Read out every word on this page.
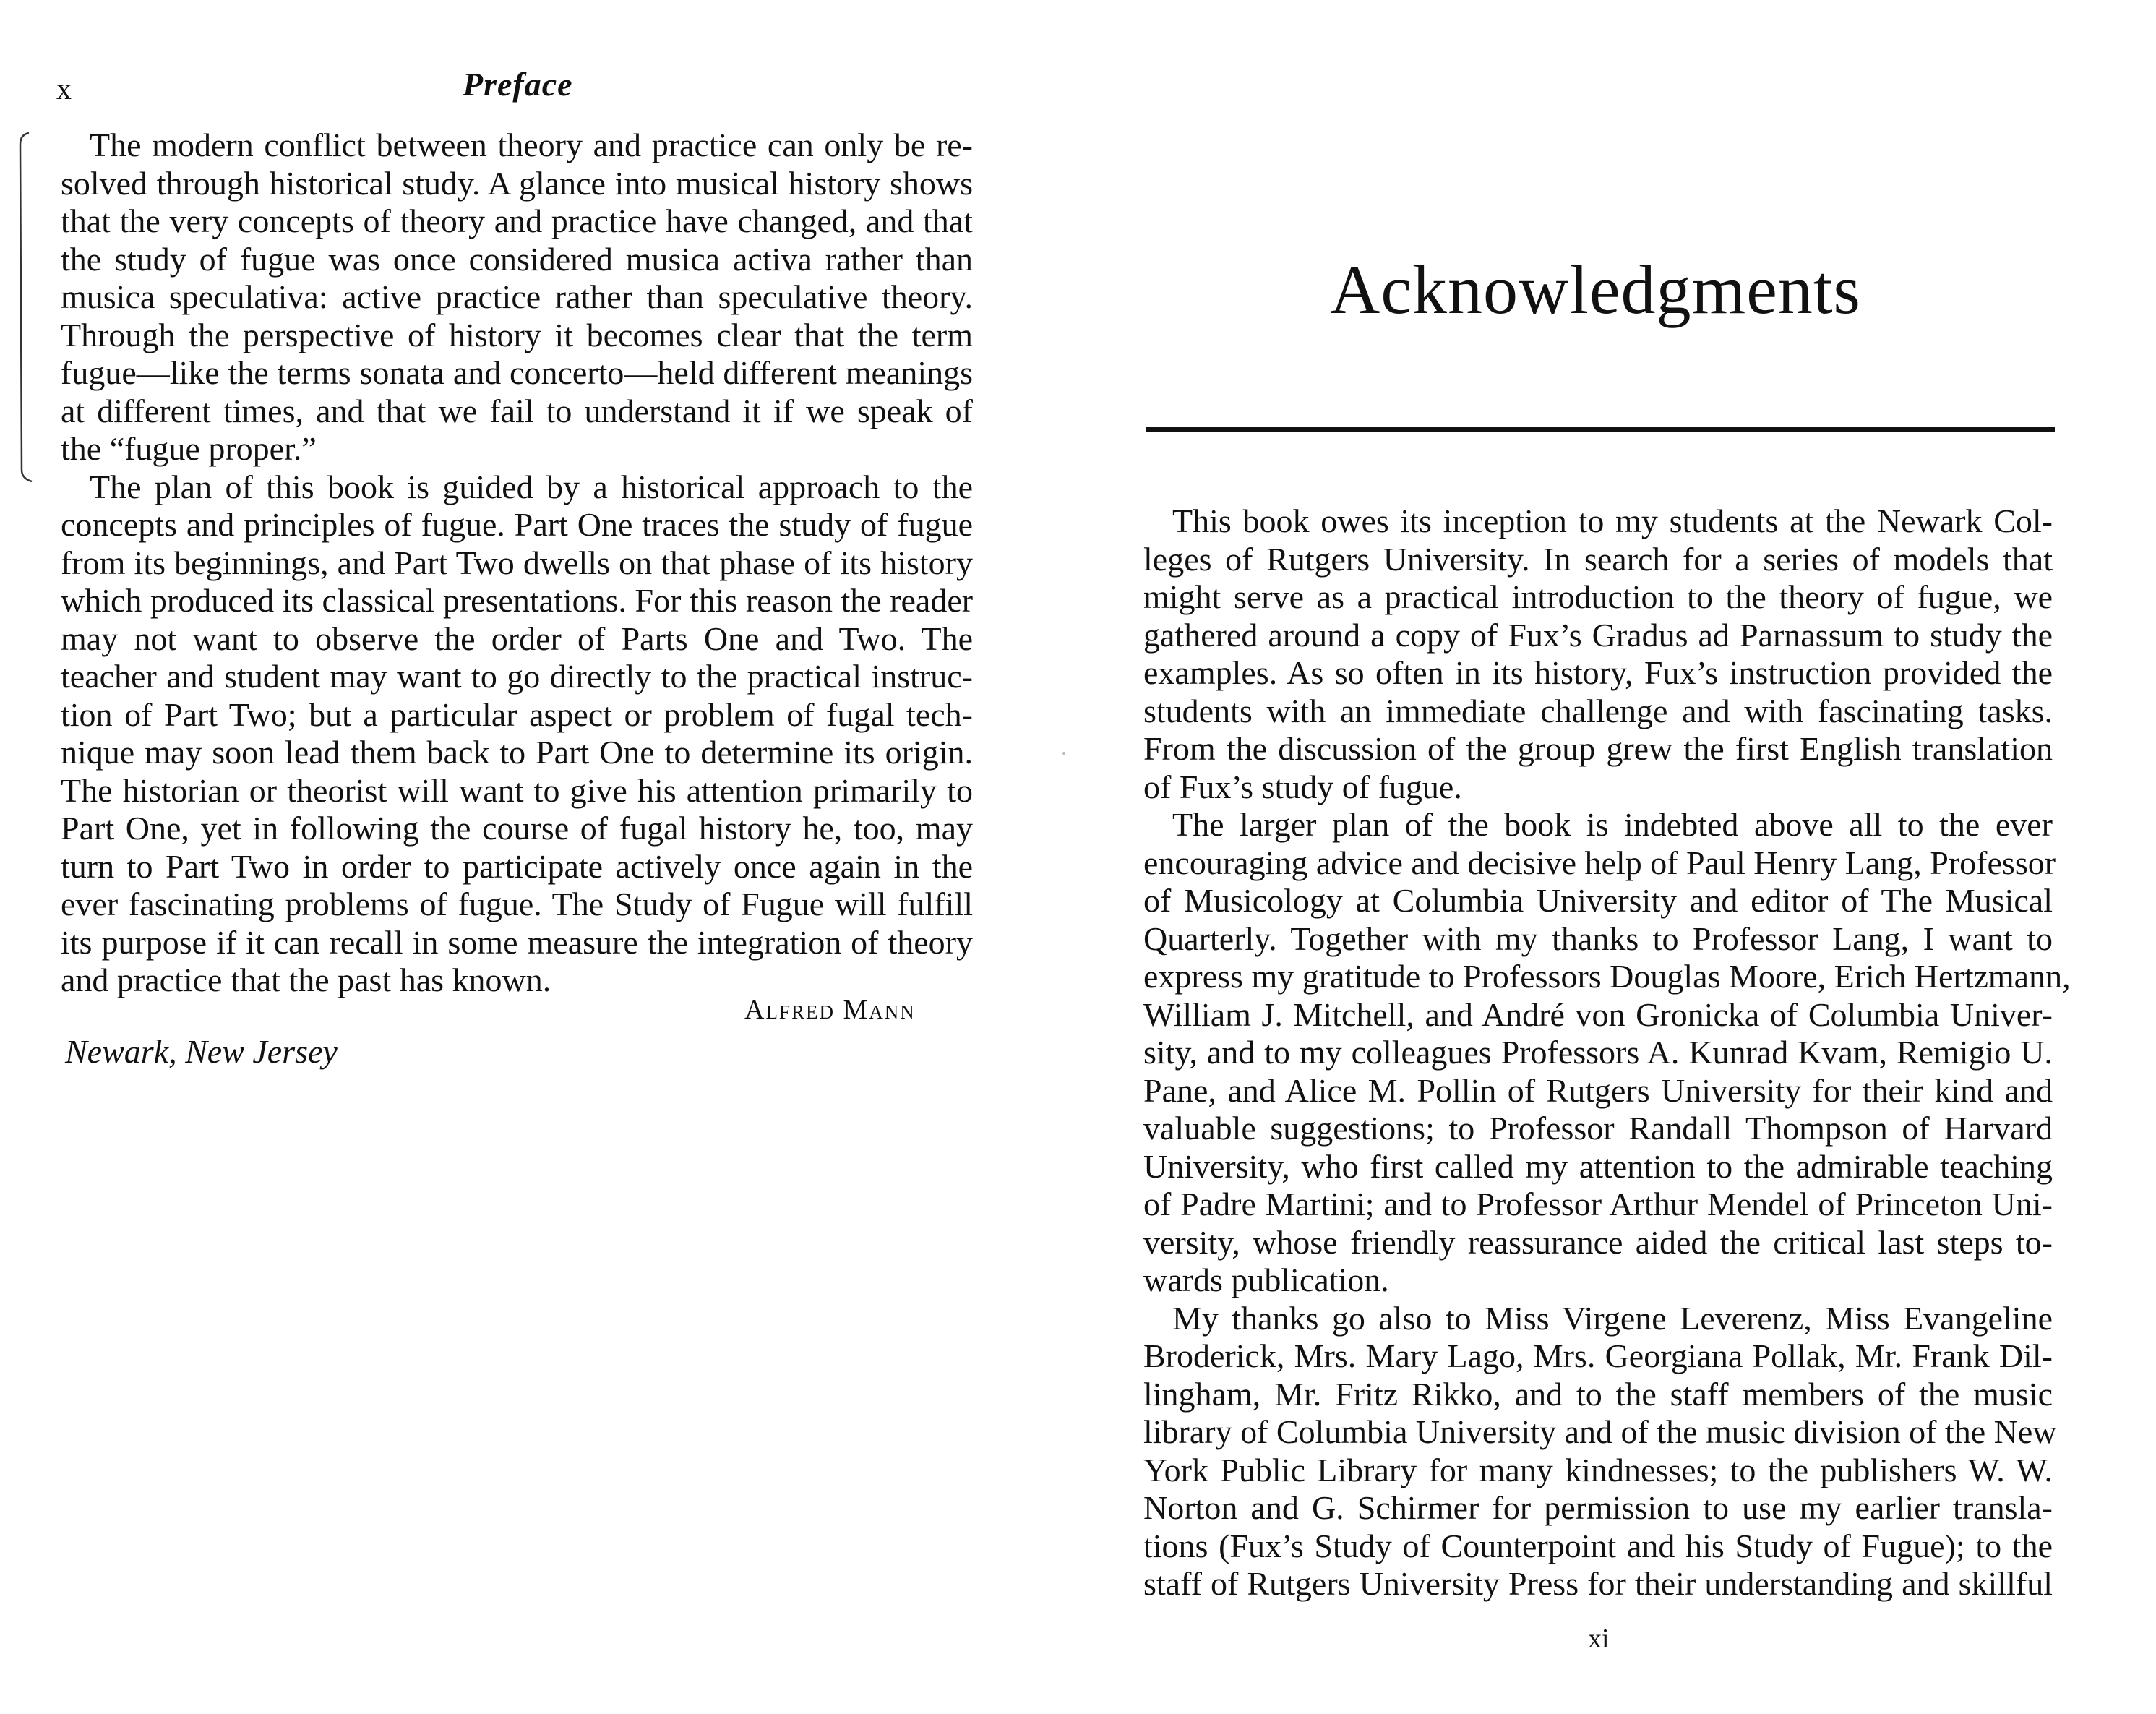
x	Preface
The modern conflict between theory and practice can only be re-
solved through historical study. A glance into musical history shows
that the very concepts of theory and practice have changed, and that
the study of fugue was once considered musica activa rather than
musica speculativa: active practice rather than speculative theory.
Through the perspective of history it becomes clear that the term
fugue—like the terms sonata and concerto—held different meanings
at different times, and that we fail to understand it if we speak of
the “fugue proper.”
The plan of this book is guided by a historical approach to the
concepts and principles of fugue. Part One traces the study of fugue
from its beginnings, and Part Two dwells on that phase of its history
which produced its classical presentations. For this reason the reader
may not want to observe the order of Parts One and Two. The
teacher and student may want to go directly to the practical instruc-
tion of Part Two; but a particular aspect or problem of fugal tech-
nique may soon lead them back to Part One to determine its origin.
The historian or theorist will want to give his attention primarily to
Part One, yet in following the course of fugal history he, too, may
turn to Part Two in order to participate actively once again in the
ever fascinating problems of fugue. The Study of Fugue will fulfill
its purpose if it can recall in some measure the integration of theory
and practice that the past has known.
Alfred Mann
Newark, New Jersey
Acknowledgments
This book owes its inception to my students at the Newark Col-
leges of Rutgers University. In search for a series of models that
might serve as a practical introduction to the theory of fugue, we
gathered around a copy of Fux’s Gradus ad Parnassum to study the
examples. As so often in its history, Fux’s instruction provided the
students with an immediate challenge and with fascinating tasks.
From the discussion of the group grew the first English translation
of Fux’s study of fugue.
The larger plan of the book is indebted above all to the ever
encouraging advice and decisive help of Paul Henry Lang, Professor
of Musicology at Columbia University and editor of The Musical
Quarterly. Together with my thanks to Professor Lang, I want to
express my gratitude to Professors Douglas Moore, Erich Hertzmann,
William J. Mitchell, and André von Gronicka of Columbia Univer-
sity, and to my colleagues Professors A. Kunrad Kvam, Remigio U.
Pane, and Alice M. Pollin of Rutgers University for their kind and
valuable suggestions; to Professor Randall Thompson of Harvard
University, who first called my attention to the admirable teaching
of Padre Martini; and to Professor Arthur Mendel of Princeton Uni-
versity, whose friendly reassurance aided the critical last steps to-
wards publication.
My thanks go also to Miss Virgene Leverenz, Miss Evangeline
Broderick, Mrs. Mary Lago, Mrs. Georgiana Pollak, Mr. Frank Dil-
lingham, Mr. Fritz Rikko, and to the staff members of the music
library of Columbia University and of the music division of the New
York Public Library for many kindnesses; to the publishers W. W.
Norton and G. Schirmer for permission to use my earlier transla-
tions (Fux’s Study of Counterpoint and his Study of Fugue); to the
staff of Rutgers University Press for their understanding and skillful
xi
